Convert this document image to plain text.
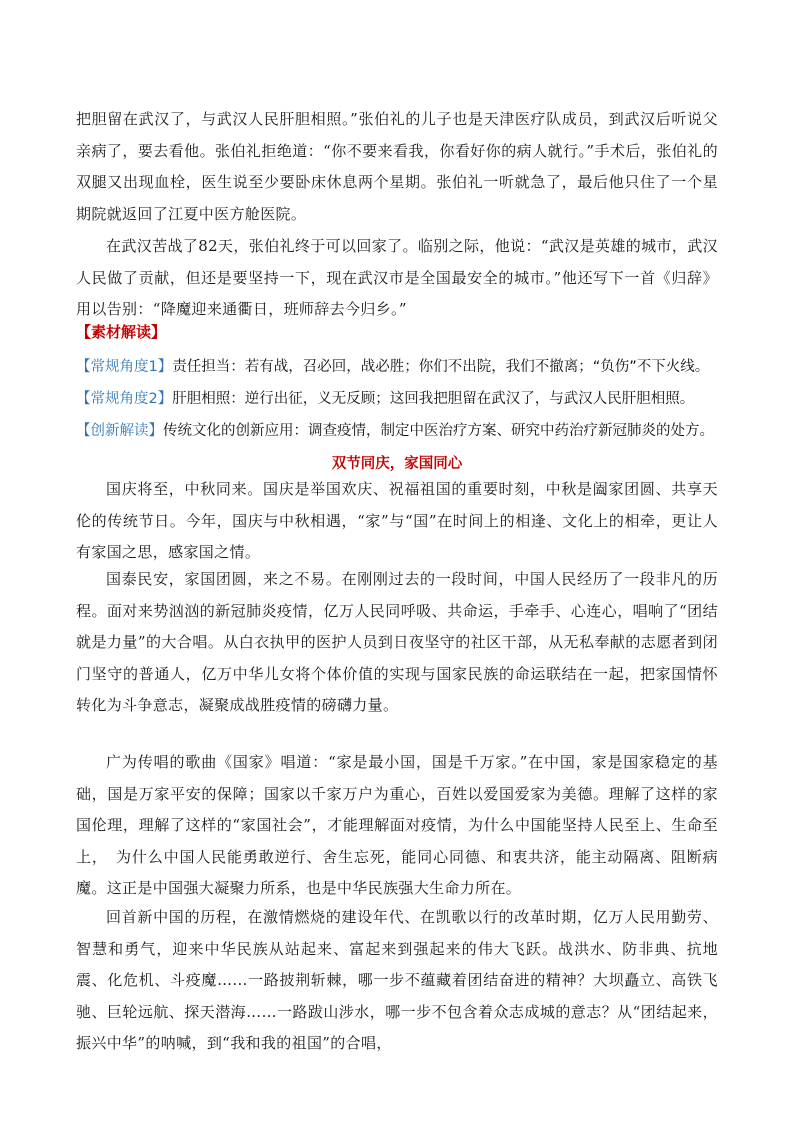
把胆留在武汉了，与武汉人民肝胆相照。”张伯礼的儿子也是天津医疗队成员，到武汉后听说父亲病了，要去看他。张伯礼拒绝道：“你不要来看我，你看好你的病人就行。”手术后，张伯礼的双腿又出现血栓，医生说至少要卧床休息两个星期。张伯礼一听就急了，最后他只住了一个星期院就返回了江夏中医方舱医院。

在武汉苦战了82天，张伯礼终于可以回家了。临别之际，他说：“武汉是英雄的城市，武汉人民做了贡献，但还是要坚持一下，现在武汉市是全国最安全的城市。”他还写下一首《归辞》用以告别：“降魔迎来通衢日，班师辞去今归乡。”

【素材解读】

【常规角度1】责任担当：若有战，召必回，战必胜；你们不出院，我们不撤离；“负伤”不下火线。

【常规角度2】肝胆相照：逆行出征，义无反顾；这回我把胆留在武汉了，与武汉人民肝胆相照。

【创新解读】传统文化的创新应用：调查疫情，制定中医治疗方案、研究中药治疗新冠肺炎的处方。

双节同庆，家国同心

国庆将至，中秋同来。国庆是举国欢庆、祝福祖国的重要时刻，中秋是阖家团圆、共享天伦的传统节日。今年，国庆与中秋相遇，“家”与“国”在时间上的相逢、文化上的相牵，更让人有家国之思，感家国之情。

国泰民安，家国团圆，来之不易。在刚刚过去的一段时间，中国人民经历了一段非凡的历程。面对来势汹汹的新冠肺炎疫情，亿万人民同呼吸、共命运，手牵手、心连心，唱响了“团结就是力量”的大合唱。从白衣执甲的医护人员到日夜坚守的社区干部，从无私奉献的志愿者到闭门坚守的普通人，亿万中华儿女将个体价值的实现与国家民族的命运联结在一起，把家国情怀转化为斗争意志，凝聚成战胜疫情的磅礴力量。

广为传唱的歌曲《国家》唱道：“家是最小国，国是千万家。”在中国，家是国家稳定的基础，国是万家平安的保障；国家以千家万户为重心，百姓以爱国爱家为美德。理解了这样的家国伦理，理解了这样的“家国社会”，才能理解面对疫情，为什么中国能坚持人民至上、生命至上，　为什么中国人民能勇敢逆行、舍生忘死，能同心同德、和衷共济，能主动隔离、阻断病魔。这正是中国强大凝聚力所系，也是中华民族强大生命力所在。

回首新中国的历程，在激情燃烧的建设年代、在凯歌以行的改革时期，亿万人民用勤劳、智慧和勇气，迎来中华民族从站起来、富起来到强起来的伟大飞跃。战洪水、防非典、抗地震、化危机、斗疫魔……一路披荆斩棘，哪一步不蕴藏着团结奋进的精神？大坝矗立、高铁飞驰、巨轮远航、探天潜海……一路跋山涉水，哪一步不包含着众志成城的意志？从“团结起来，振兴中华”的呐喊，到“我和我的祖国”的合唱，
